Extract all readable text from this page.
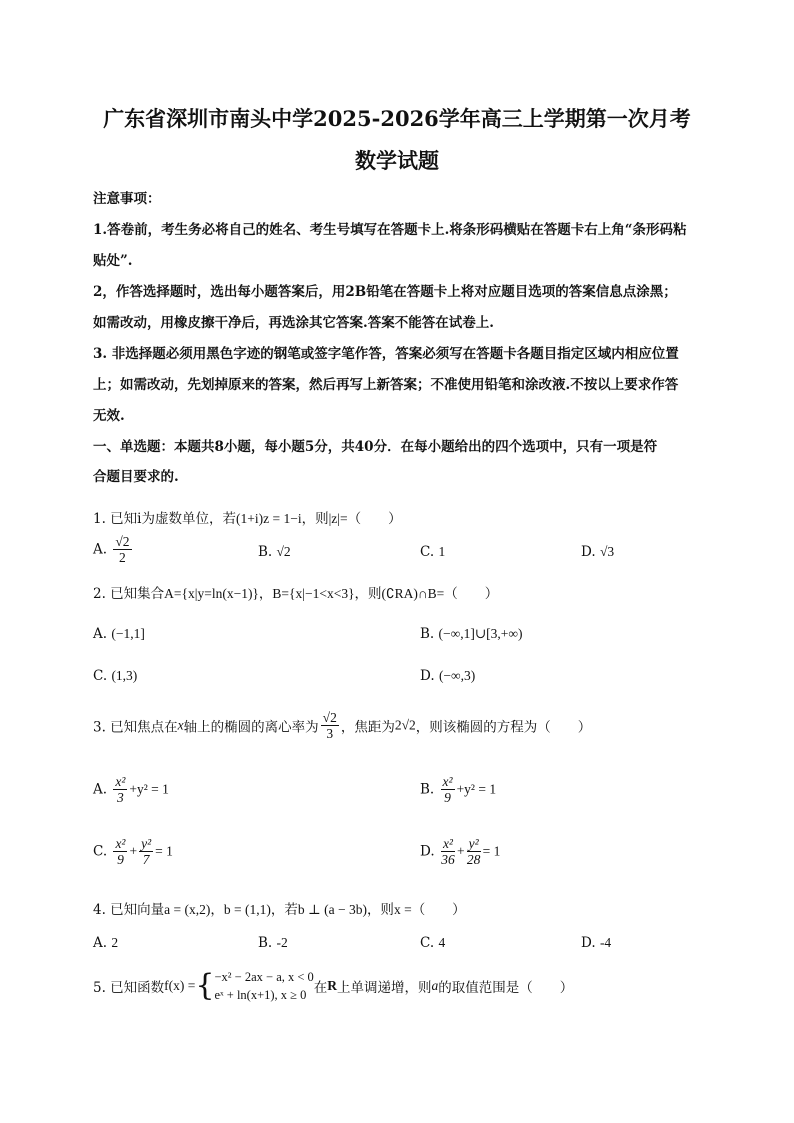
广东省深圳市南头中学2025-2026学年高三上学期第一次月考
数学试题
注意事项：
1.答卷前，考生务必将自己的姓名、考生号填写在答题卡上.将条形码横贴在答题卡右上角“条形码粘
贴处”.
2，作答选择题时，选出每小题答案后，用2B铅笔在答题卡上将对应题目选项的答案信息点涂黑；
如需改动，用橡皮擦干净后，再选涂其它答案.答案不能答在试卷上.
3. 非选择题必须用黑色字迹的钢笔或签字笔作答，答案必须写在答题卡各题目指定区域内相应位置
上；如需改动，先划掉原来的答案，然后再写上新答案；不准使用铅笔和涂改液.不按以上要求作答
无效.
一、单选题：本题共8小题，每小题5分，共40分．在每小题给出的四个选项中，只有一项是符
合题目要求的.
1. 已知i为虚数单位，若(1+i)z = 1−i，则|z|=（　　）
A. $\frac{√2}{2}$	B. √2	C. 1	D. √3
2. 已知集合A={x|y=ln(x−1)}，B={x|−1<x<3}，则(∁RA)∩B=（　　）
A. (−1,1]	B. (−∞,1]∪[3,+∞)
C. (1,3)	D. (−∞,3)
3. 已知焦点在x轴上的椭圆的离心率为 $\frac{√2}{3}$ ，焦距为2√2，则该椭圆的方程为（　　）
A. $\frac{\text{x²}}{3} +y^2 = 1$	B. $\frac{\text{x²}}{9} +y^2 = 1$
C. $\frac{\text{x²}}{9} + \frac{\text{y²}}{7} = 1$	D. $\frac{\text{x²}}{36} + \frac{\text{y²}}{28} = 1$
4. 已知向量a = (x,2)，b = (1,1)，若b ⊥ (a − 3b)，则x =（　　）
A. 2	B. -2	C. 4	D. -4
5. 已知函数f(x) ={ −x² − 2ax − a, x < 0
eˣ + ln(x+1), x ≥ 0 在R上单调递增，则a的取值范围是（　　）
